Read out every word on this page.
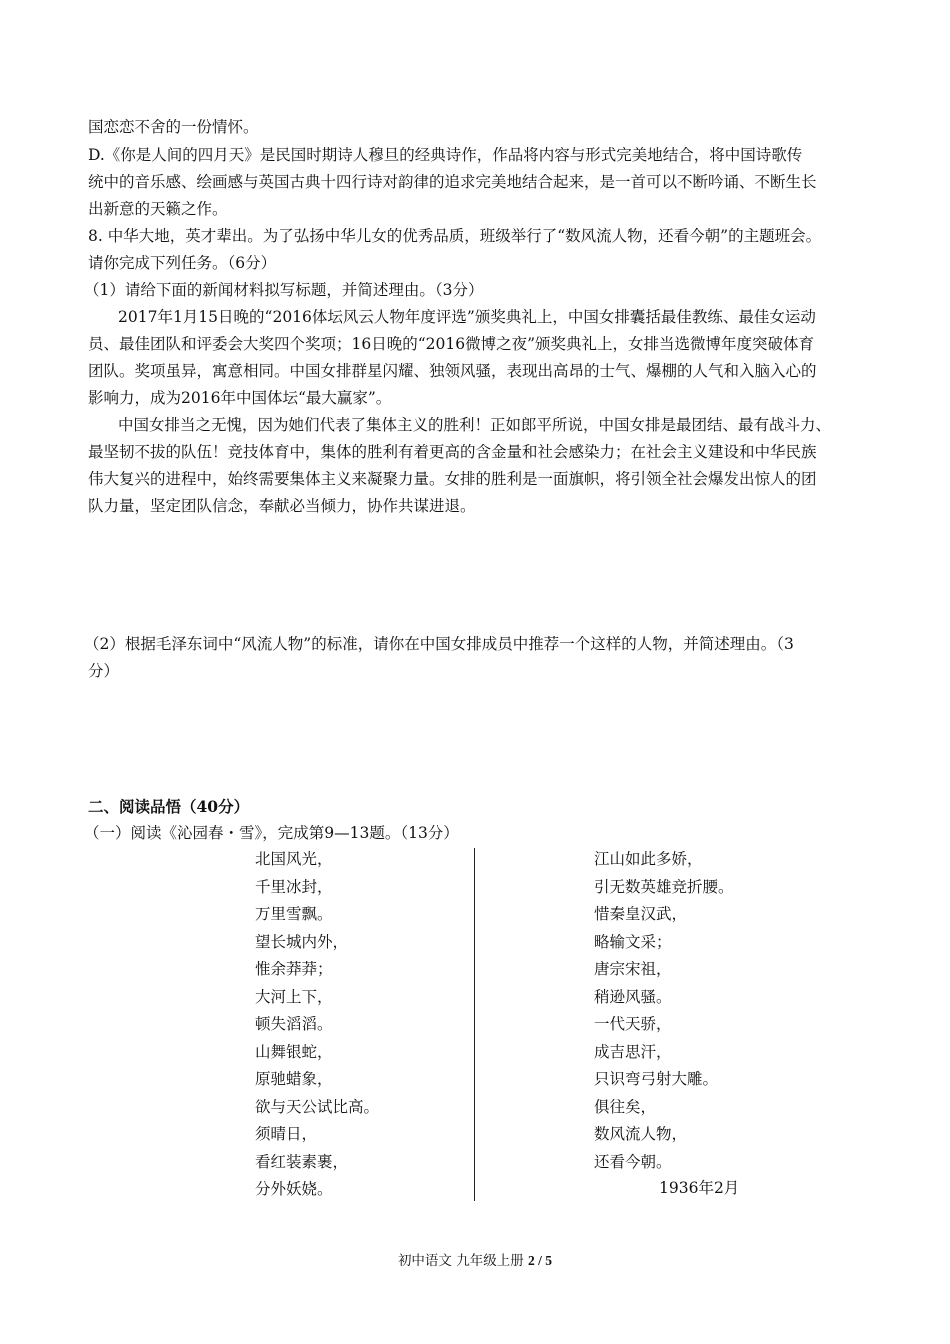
国恋恋不舍的一份情怀。
D.《你是人间的四月天》是民国时期诗人穆旦的经典诗作，作品将内容与形式完美地结合，将中国诗歌传
统中的音乐感、绘画感与英国古典十四行诗对韵律的追求完美地结合起来，是一首可以不断吟诵、不断生长
出新意的天籁之作。
8. 中华大地，英才辈出。为了弘扬中华儿女的优秀品质，班级举行了“数风流人物，还看今朝”的主题班会。
请你完成下列任务。（6分）
（1）请给下面的新闻材料拟写标题，并简述理由。（3分）
2017年1月15日晚的“2016体坛风云人物年度评选”颁奖典礼上，中国女排囊括最佳教练、最佳女运动
员、最佳团队和评委会大奖四个奖项；16日晚的“2016微博之夜”颁奖典礼上，女排当选微博年度突破体育
团队。奖项虽异，寓意相同。中国女排群星闪耀、独领风骚，表现出高昂的士气、爆棚的人气和入脑入心的
影响力，成为2016年中国体坛“最大赢家”。
中国女排当之无愧，因为她们代表了集体主义的胜利！正如郎平所说，中国女排是最团结、最有战斗力、
最坚韧不拔的队伍！竞技体育中，集体的胜利有着更高的含金量和社会感染力；在社会主义建设和中华民族
伟大复兴的进程中，始终需要集体主义来凝聚力量。女排的胜利是一面旗帜，将引领全社会爆发出惊人的团
队力量，坚定团队信念，奉献必当倾力，协作共谋进退。
（2）根据毛泽东词中“风流人物”的标准，请你在中国女排成员中推荐一个这样的人物，并简述理由。（3
分）
二、阅读品悟（40分）
（一）阅读《沁园春・雪》，完成第9—13题。（13分）
北国风光，
千里冰封，
万里雪飘。
望长城内外，
惟余莽莽；
大河上下，
顿失滔滔。
山舞银蛇，
原驰蜡象，
欲与天公试比高。
须晴日，
看红装素裹，
分外妖娆。
江山如此多娇，
引无数英雄竞折腰。
惜秦皇汉武，
略输文采；
唐宗宋祖，
稍逊风骚。
一代天骄，
成吉思汗，
只识弯弓射大雕。
俱往矣，
数风流人物，
还看今朝。
1936年2月
初中语文 九年级上册 2 / 5
